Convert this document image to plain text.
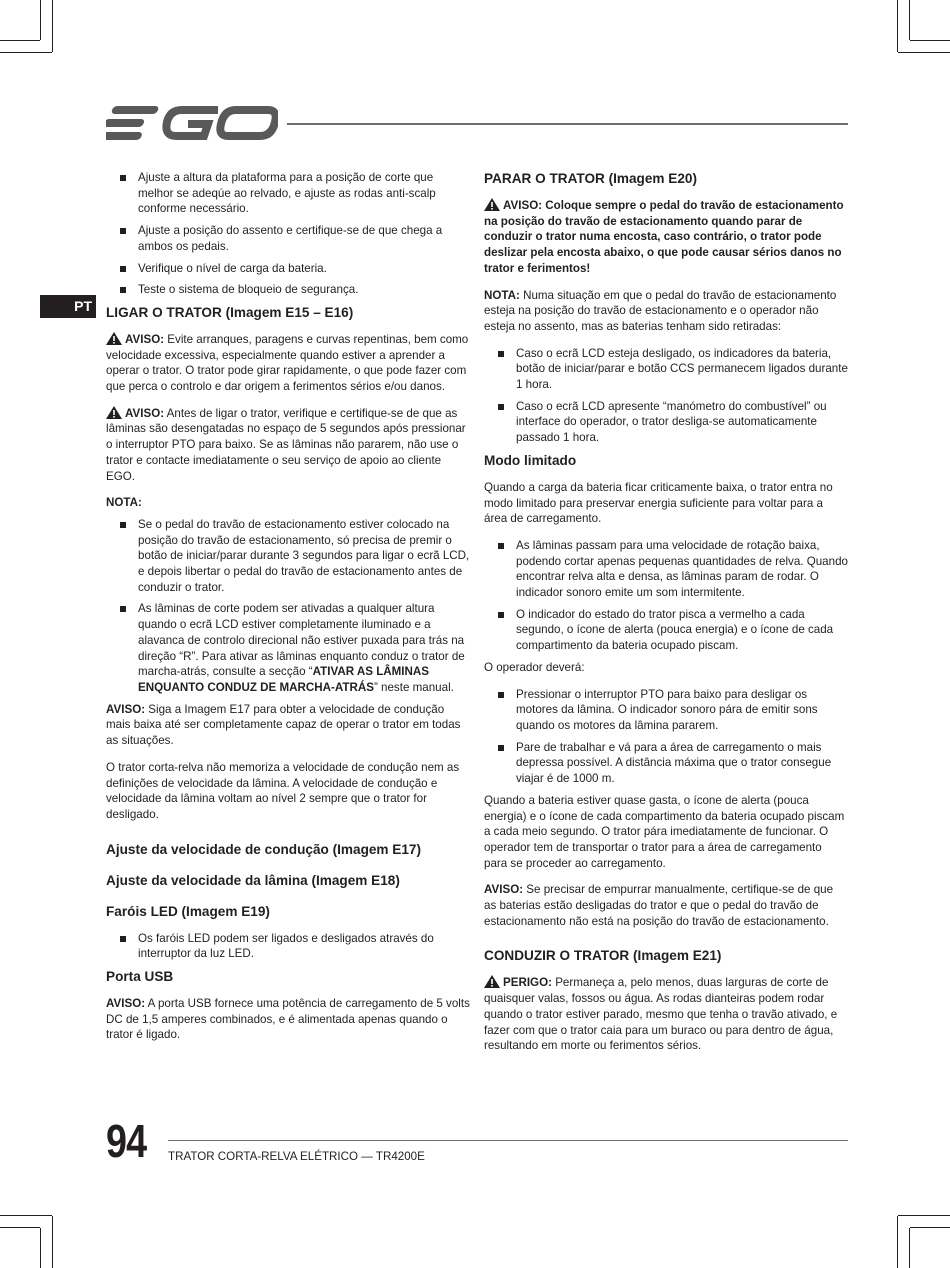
PT
Ajuste a altura da plataforma para a posição de corte que melhor se adeqúe ao relvado, e ajuste as rodas anti-scalp conforme necessário.
Ajuste a posição do assento e certifique-se de que chega a ambos os pedais.
Verifique o nível de carga da bateria.
Teste o sistema de bloqueio de segurança.
LIGAR O TRATOR (Imagem E15 – E16)

AVISO: Evite arranques, paragens e curvas repentinas, bem como velocidade excessiva, especialmente quando estiver a aprender a operar o trator. O trator pode girar rapidamente, o que pode fazer com que perca o controlo e dar origem a ferimentos sérios e/ou danos.

AVISO: Antes de ligar o trator, verifique e certifique-se de que as lâminas são desengatadas no espaço de 5 segundos após pressionar o interruptor PTO para baixo. Se as lâminas não pararem, não use o trator e contacte imediatamente o seu serviço de apoio ao cliente EGO.

NOTA:

Se o pedal do travão de estacionamento estiver colocado na posição do travão de estacionamento, só precisa de premir o botão de iniciar/parar durante 3 segundos para ligar o ecrã LCD, e depois libertar o pedal do travão de estacionamento antes de conduzir o trator.
As lâminas de corte podem ser ativadas a qualquer altura quando o ecrã LCD estiver completamente iluminado e a alavanca de controlo direcional não estiver puxada para trás na direção “R”. Para ativar as lâminas enquanto conduz o trator de marcha-atrás, consulte a secção “ATIVAR AS LÂMINAS ENQUANTO CONDUZ DE MARCHA-ATRÁS” neste manual.

AVISO: Siga a Imagem E17 para obter a velocidade de condução mais baixa até ser completamente capaz de operar o trator em todas as situações.

O trator corta-relva não memoriza a velocidade de condução nem as definições de velocidade da lâmina. A velocidade de condução e velocidade da lâmina voltam ao nível 2 sempre que o trator for desligado.

Ajuste da velocidade de condução (Imagem E17)
Ajuste da velocidade da lâmina (Imagem E18)
Faróis LED (Imagem E19)
Os faróis LED podem ser ligados e desligados através do interruptor da luz LED.
Porta USB

AVISO: A porta USB fornece uma potência de carregamento de 5 volts DC de 1,5 amperes combinados, e é alimentada apenas quando o trator é ligado.

PARAR O TRATOR (Imagem E20)

AVISO: Coloque sempre o pedal do travão de estacionamento na posição do travão de estacionamento quando parar de conduzir o trator numa encosta, caso contrário, o trator pode deslizar pela encosta abaixo, o que pode causar sérios danos no trator e ferimentos!

NOTA: Numa situação em que o pedal do travão de estacionamento esteja na posição do travão de estacionamento e o operador não esteja no assento, mas as baterias tenham sido retiradas:

Caso o ecrã LCD esteja desligado, os indicadores da bateria, botão de iniciar/parar e botão CCS permanecem ligados durante 1 hora.
Caso o ecrã LCD apresente “manómetro do combustível” ou interface do operador, o trator desliga-se automaticamente passado 1 hora.
Modo limitado

Quando a carga da bateria ficar criticamente baixa, o trator entra no modo limitado para preservar energia suficiente para voltar para a área de carregamento.

As lâminas passam para uma velocidade de rotação baixa, podendo cortar apenas pequenas quantidades de relva. Quando encontrar relva alta e densa, as lâminas param de rodar. O indicador sonoro emite um som intermitente.
O indicador do estado do trator pisca a vermelho a cada segundo, o ícone de alerta (pouca energia) e o ícone de cada compartimento da bateria ocupado piscam.

O operador deverá:

Pressionar o interruptor PTO para baixo para desligar os motores da lâmina. O indicador sonoro pára de emitir sons quando os motores da lâmina pararem.
Pare de trabalhar e vá para a área de carregamento o mais depressa possível. A distância máxima que o trator consegue viajar é de 1000 m.

Quando a bateria estiver quase gasta, o ícone de alerta (pouca energia) e o ícone de cada compartimento da bateria ocupado piscam a cada meio segundo. O trator pára imediatamente de funcionar. O operador tem de transportar o trator para a área de carregamento para se proceder ao carregamento.

AVISO: Se precisar de empurrar manualmente, certifique-se de que as baterias estão desligadas do trator e que o pedal do travão de estacionamento não está na posição do travão de estacionamento.

CONDUZIR O TRATOR (Imagem E21)

PERIGO: Permaneça a, pelo menos, duas larguras de corte de quaisquer valas, fossos ou água. As rodas dianteiras podem rodar quando o trator estiver parado, mesmo que tenha o travão ativado, e fazer com que o trator caia para um buraco ou para dentro de água, resultando em morte ou ferimentos sérios.

94 TRATOR CORTA-RELVA ELÉTRICO — TR4200E
